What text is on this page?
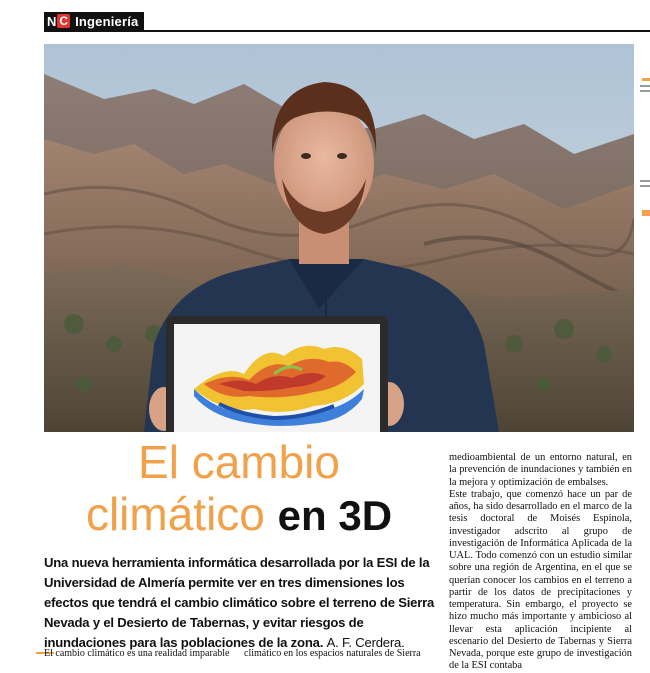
N C Ingeniería
El cambio
climático en 3D
Una nueva herramienta informática desarrollada por la ESI de la Universidad de Almería permite ver en tres dimensiones los efectos que tendrá el cambio climático sobre el terreno de Sierra Nevada y el Desierto de Tabernas, y evitar riesgos de inundaciones para las poblaciones de la zona. A. F. Cerdera.
El cambio climático es una realidad imparable	climático en los espacios naturales de Sierra

medioambiental de un entorno natural, en la prevención de inundaciones y también en la mejora y optimización de embalses.

Este trabajo, que comenzó hace un par de años, ha sido desarrollado en el marco de la tesis doctoral de Moisés Espínola, investigador adscrito al grupo de investigación de Informática Aplicada de la UAL. Todo comenzó con un estudio similar sobre una región de Argentina, en el que se querían conocer los cambios en el terreno a partir de los datos de precipitaciones y temperatura. Sin embargo, el proyecto se hizo mucho más importante y ambicioso al llevar esta aplicación incipiente al escenario del Desierto de Tabernas y Sierra Nevada, porque este grupo de investigación de la ESI contaba
